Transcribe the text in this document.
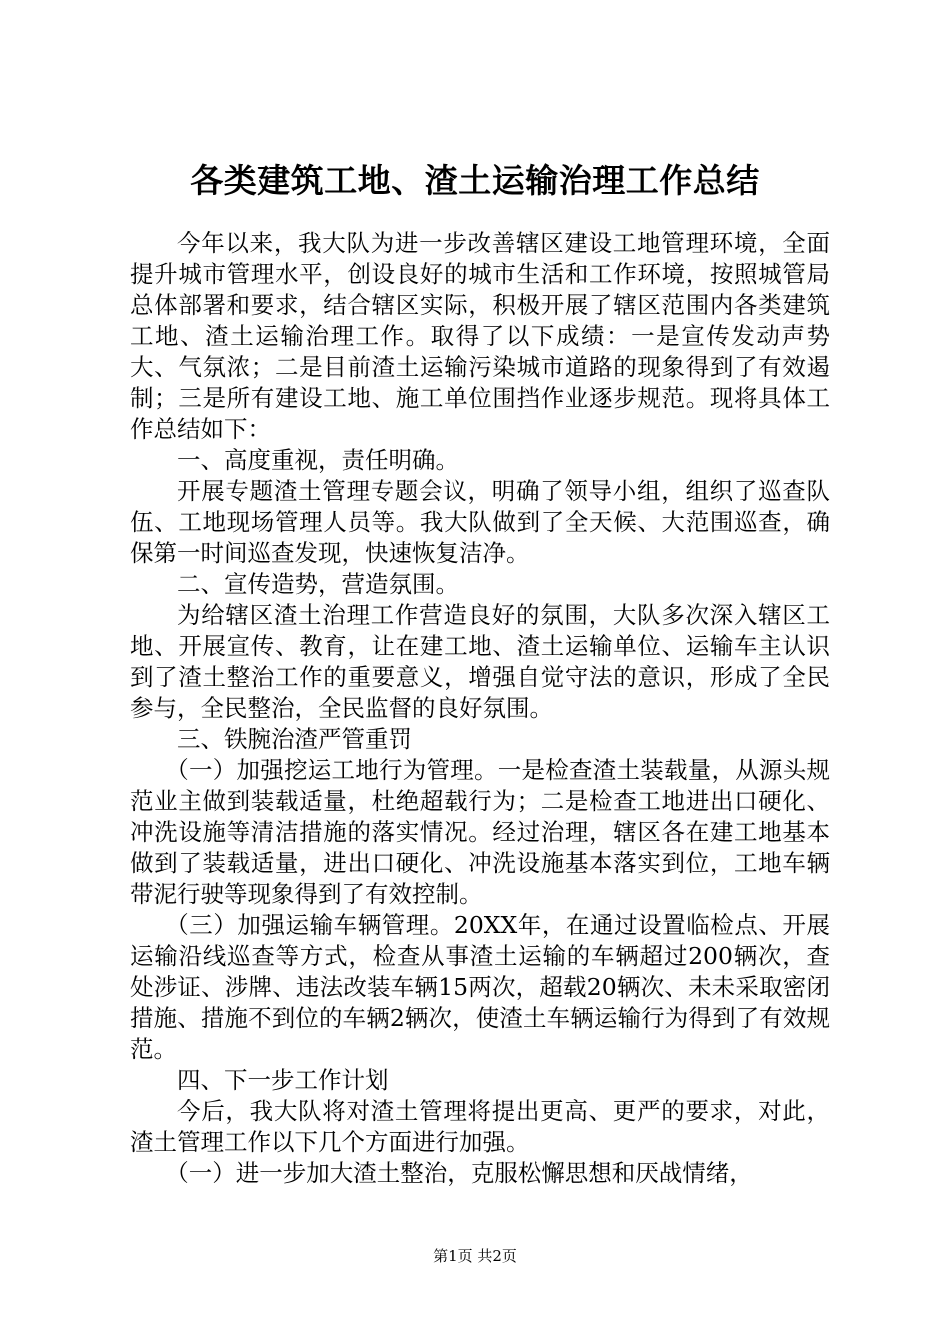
各类建筑工地、渣土运输治理工作总结

今年以来，我大队为进一步改善辖区建设工地管理环境，全面提升城市管理水平，创设良好的城市生活和工作环境，按照城管局总体部署和要求，结合辖区实际，积极开展了辖区范围内各类建筑工地、渣土运输治理工作。取得了以下成绩：一是宣传发动声势大、气氛浓；二是目前渣土运输污染城市道路的现象得到了有效遏制；三是所有建设工地、施工单位围挡作业逐步规范。现将具体工作总结如下：

一、高度重视，责任明确。

开展专题渣土管理专题会议，明确了领导小组，组织了巡查队伍、工地现场管理人员等。我大队做到了全天候、大范围巡查，确保第一时间巡查发现，快速恢复洁净。

二、宣传造势，营造氛围。

为给辖区渣土治理工作营造良好的氛围，大队多次深入辖区工地、开展宣传、教育，让在建工地、渣土运输单位、运输车主认识到了渣土整治工作的重要意义，增强自觉守法的意识，形成了全民参与，全民整治，全民监督的良好氛围。

三、铁腕治渣严管重罚

（一）加强挖运工地行为管理。一是检查渣土装载量，从源头规范业主做到装载适量，杜绝超载行为；二是检查工地进出口硬化、冲洗设施等清洁措施的落实情况。经过治理，辖区各在建工地基本做到了装载适量，进出口硬化、冲洗设施基本落实到位，工地车辆带泥行驶等现象得到了有效控制。

（三）加强运输车辆管理。20XX年，在通过设置临检点、开展运输沿线巡查等方式，检查从事渣土运输的车辆超过200辆次，查处涉证、涉牌、违法改装车辆15两次，超载20辆次、未未采取密闭措施、措施不到位的车辆2辆次，使渣土车辆运输行为得到了有效规范。

四、下一步工作计划

今后，我大队将对渣土管理将提出更高、更严的要求，对此，渣土管理工作以下几个方面进行加强。

（一）进一步加大渣土整治，克服松懈思想和厌战情绪，

第1页 共2页
